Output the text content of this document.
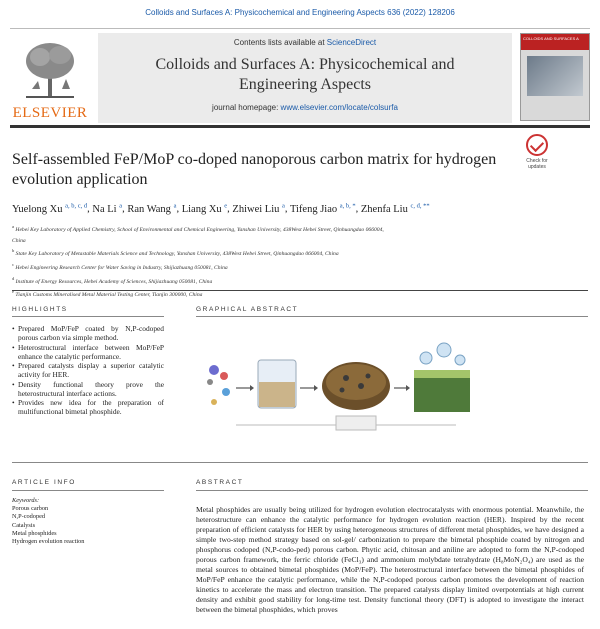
Colloids and Surfaces A: Physicochemical and Engineering Aspects 636 (2022) 128206
ELSEVIER
Contents lists available at ScienceDirect
Colloids and Surfaces A: Physicochemical and
Engineering Aspects
journal homepage: www.elsevier.com/locate/colsurfa
COLLOIDS AND SURFACES A
Self-assembled FeP/MoP co-doped nanoporous carbon matrix for hydrogen
evolution application
Check for
updates
Yuelong Xu $^{a, b, c, d}$, Na Li $^a$, Ran Wang $^a$, Liang Xu $^e$, Zhiwei Liu $^a$, Tifeng Jiao $^{a, b, *}$, Zhenfa Liu $^{c, d, **}$
$^a$ Hebei Key Laboratory of Applied Chemistry, School of Environmental and Chemical Engineering, Yanshan University, 438West Hebei Street, Qinhuangdao 066004,
China
$^b$ State Key Laboratory of Metastable Materials Science and Technology, Yanshan University, 438West Hebei Street, Qinhuangdao 066004, China
$^c$ Hebei Engineering Research Center for Water Saving in Industry, Shijiazhuang 050081, China
$^d$ Institute of Energy Resources, Hebei Academy of Sciences, Shijiazhuang 050081, China
$^e$ Tianjin Customs Mineralised Metal Material Testing Center, Tianjin 300000, China
HIGHLIGHTS	GRAPHICAL ABSTRACT
• Prepared MoP/FeP coated by N,P-codoped porous carbon via simple method.
• Heterostructural interface between MoP/FeP enhance the catalytic performance.
• Prepared catalysts display a superior catalytic activity for HER.
• Density functional theory prove the heterostructural interface actions.
• Provides new idea for the preparation of multifunctional bimetal phosphide.
ARTICLE INFO	ABSTRACT
Keywords:
Porous carbon
N,P-codoped
Catalysis
Metal phosphides
Hydrogen evolution reaction
Metal phosphides are usually being utilized for hydrogen evolution electrocatalysts with enormous potential. Meanwhile, the heterostructure can enhance the catalytic performance for hydrogen evolution reaction (HER). Inspired by the recent preparation of efficient catalysts for HER by using heterogeneous structures of different metal phosphides, we have designed a simple two-step method strategy based on sol-gel/ carbonization to prepare the bimetal phosphide coated by nitrogen and phosphorus codoped (N,P-codo-ped) porous carbon. Phytic acid, chitosan and aniline are adopted to form the N,P-codoped porous carbon framework, the ferric chloride (FeCl₃) and ammonium molybdate tetrahydrate (H₈MoN₂O₄) are used as the metal sources to obtained bimetal phosphides (MoP/FeP). The heterostructural interface between the bimetal phosphides of MoP/FeP enhance the catalytic performance, while the N,P-codoped porous carbon promotes the development of reaction kinetics to accelerate the mass and electron transition. The prepared catalysts display limited overpotentials at high current density and exhibit good stability for long-time test. Density functional theory (DFT) is adopted to investigate the interact between the bimetal phosphides, which proves
